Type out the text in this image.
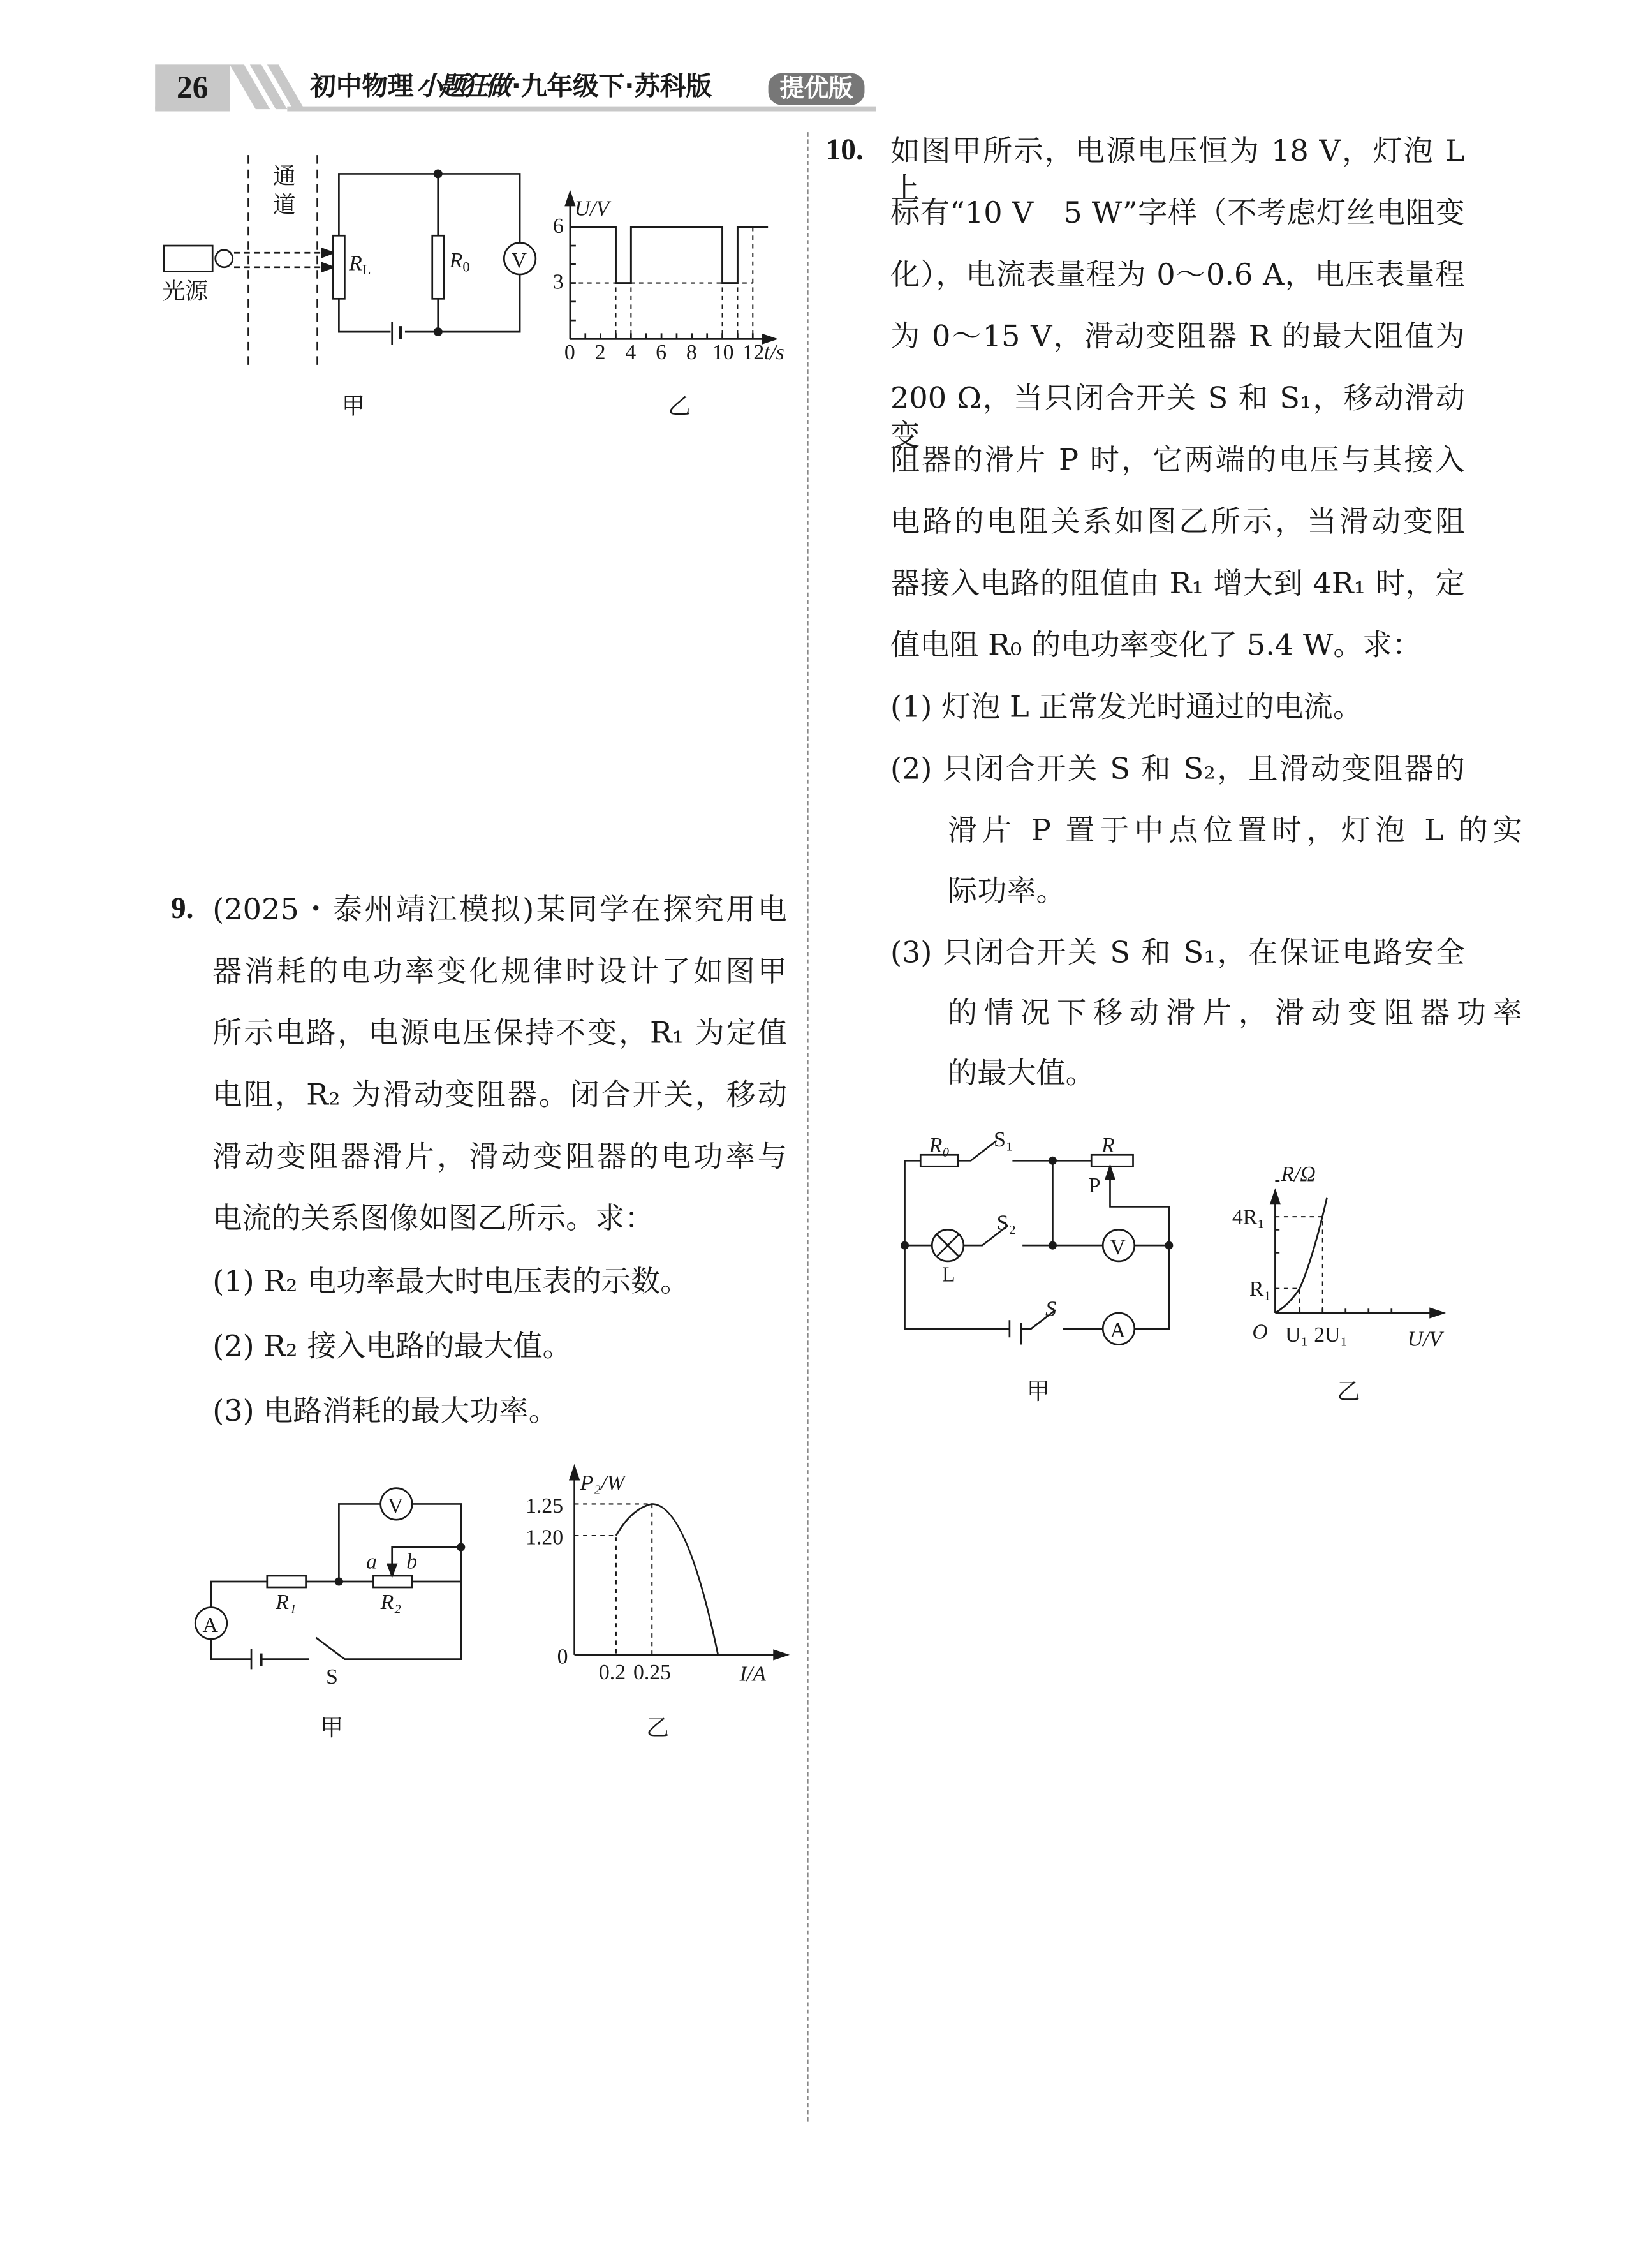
26	初中物理 小题狂做 ·九年级下·苏科版	提优版
光源
通
道
$R_L$	$R_0$	V
U/V
6
3
0 2 4 6 8 10 12 t/s
甲	乙
10. 如图甲所示，电源电压恒为 18 V，灯泡 L 上
标有“10 V　5 W”字样（不考虑灯丝电阻变
化），电流表量程为 0～0.6 A，电压表量程
为 0～15 V，滑动变阻器 R 的最大阻值为
200 Ω，当只闭合开关 S 和 S₁，移动滑动变
阻器的滑片 P 时，它两端的电压与其接入
电路的电阻关系如图乙所示，当滑动变阻
器接入电路的阻值由 R₁ 增大到 4R₁ 时，定
值电阻 R₀ 的电功率变化了 5.4 W。求：
(1) 灯泡 L 正常发光时通过的电流。
(2) 只闭合开关 S 和 S₂，且滑动变阻器的
滑片 P 置于中点位置时，灯泡 L 的实
际功率。
(3) 只闭合开关 S 和 S₁，在保证电路安全
的情况下移动滑片，滑动变阻器功率
的最大值。
R₀	S₁	R
P
S₂
L
V
S
A
R/Ω
4R₁
R₁
O U₁ 2U₁	U/V
甲	乙
9. (2025・泰州靖江模拟)某同学在探究用电
器消耗的电功率变化规律时设计了如图甲
所示电路，电源电压保持不变，R₁ 为定值
电阻，R₂ 为滑动变阻器。闭合开关，移动
滑动变阻器滑片，滑动变阻器的电功率与
电流的关系图像如图乙所示。求：
(1) R₂ 电功率最大时电压表的示数。
(2) R₂ 接入电路的最大值。
(3) 电路消耗的最大功率。
V
A
a	b
R₁	R₂
S
P₂/W
1.25
1.20
0
0.2 0.25	I/A
甲	乙
